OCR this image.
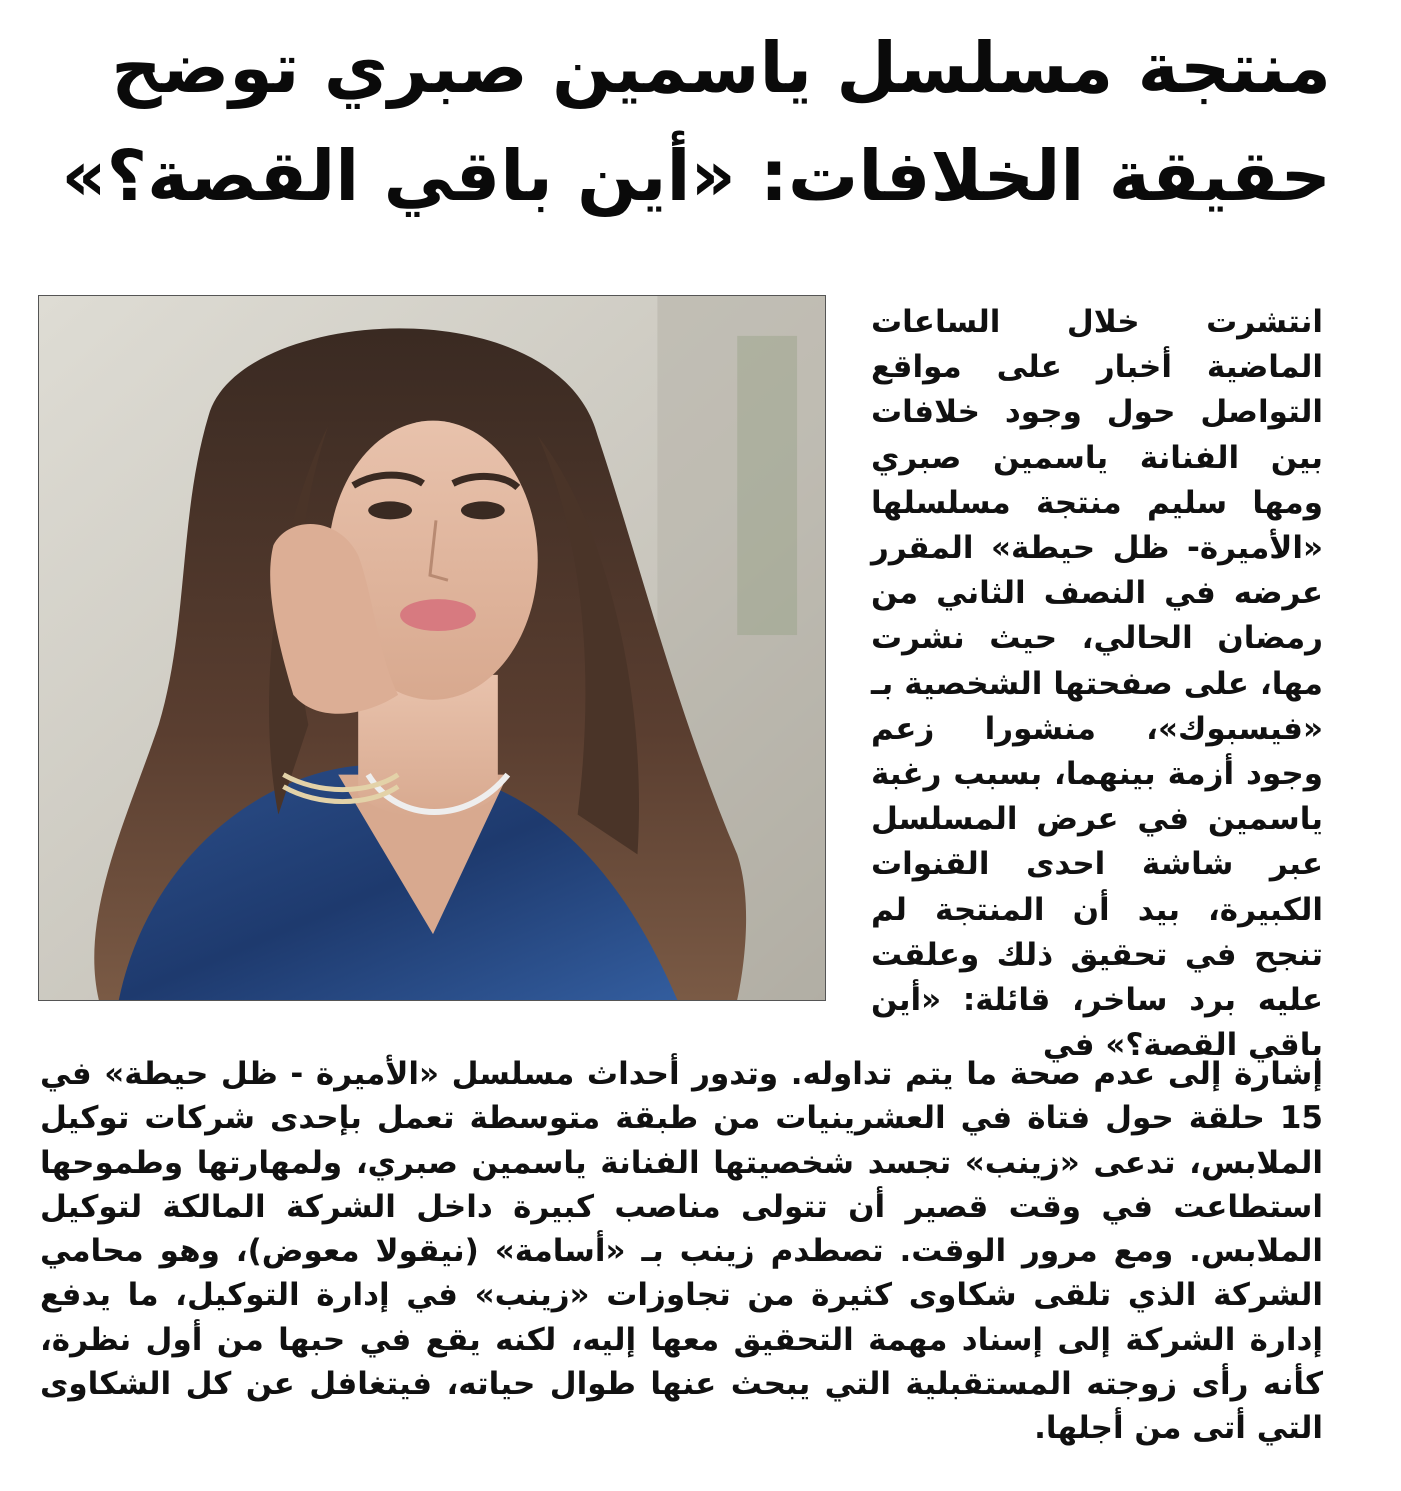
منتجة مسلسل ياسمين صبري توضح
حقيقة الخلافات: «أين باقي القصة؟»

انتشرت خلال الساعات الماضية أخبار على مواقع التواصل حول وجود خلافات بين الفنانة ياسمين صبري ومها سليم منتجة مسلسلها «الأميرة- ظل حيطة» المقرر عرضه في النصف الثاني من رمضان الحالي، حيث نشرت مها، على صفحتها الشخصية بـ «فيسبوك»، منشورا زعم وجود أزمة بينهما، بسبب رغبة ياسمين في عرض المسلسل عبر شاشة احدى القنوات الكبيرة، بيد أن المنتجة لم تنجح في تحقيق ذلك وعلقت عليه برد ساخر، قائلة: «أين باقي القصة؟» في

إشارة إلى عدم صحة ما يتم تداوله. وتدور أحداث مسلسل «الأميرة - ظل حيطة» في 15 حلقة حول فتاة في العشرينيات من طبقة متوسطة تعمل بإحدى شركات توكيل الملابس، تدعى «زينب» تجسد شخصيتها الفنانة ياسمين صبري، ولمهارتها وطموحها استطاعت في وقت قصير أن تتولى مناصب كبيرة داخل الشركة المالكة لتوكيل الملابس. ومع مرور الوقت. تصطدم زينب بـ «أسامة» (نيقولا معوض)، وهو محامي الشركة الذي تلقى شكاوى كثيرة من تجاوزات «زينب» في إدارة التوكيل، ما يدفع إدارة الشركة إلى إسناد مهمة التحقيق معها إليه، لكنه يقع في حبها من أول نظرة، كأنه رأى زوجته المستقبلية التي يبحث عنها طوال حياته، فيتغافل عن كل الشكاوى التي أتى من أجلها.
